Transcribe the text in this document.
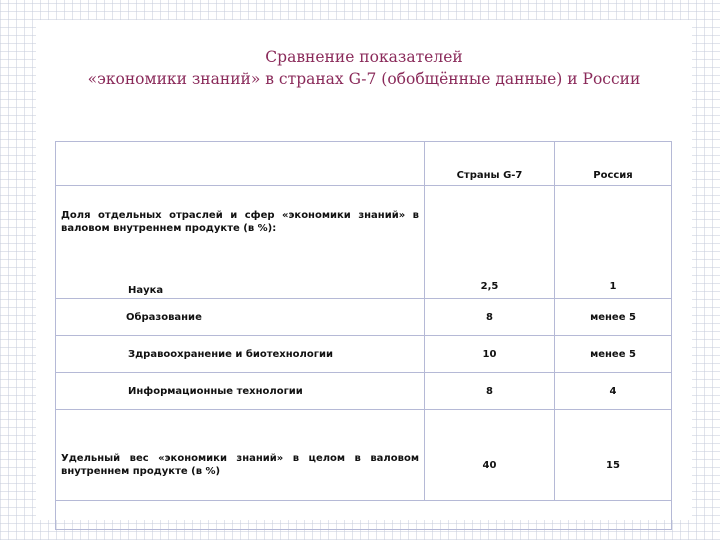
Сравнение показателей
«экономики знаний» в странах G-7 (обобщённые данные) и России
	Страны G-7	Россия

Доля отдельных отраслей и сфер «экономики знаний» в валовом внутреннем продукте (в %):
Наука	2,5	1
Образование	8	менее 5
Здравоохранение и биотехнологии	10	менее 5
Информационные технологии	8	4

Удельный вес «экономики знаний» в целом в валовом внутреннем продукте (в %)	40	15
